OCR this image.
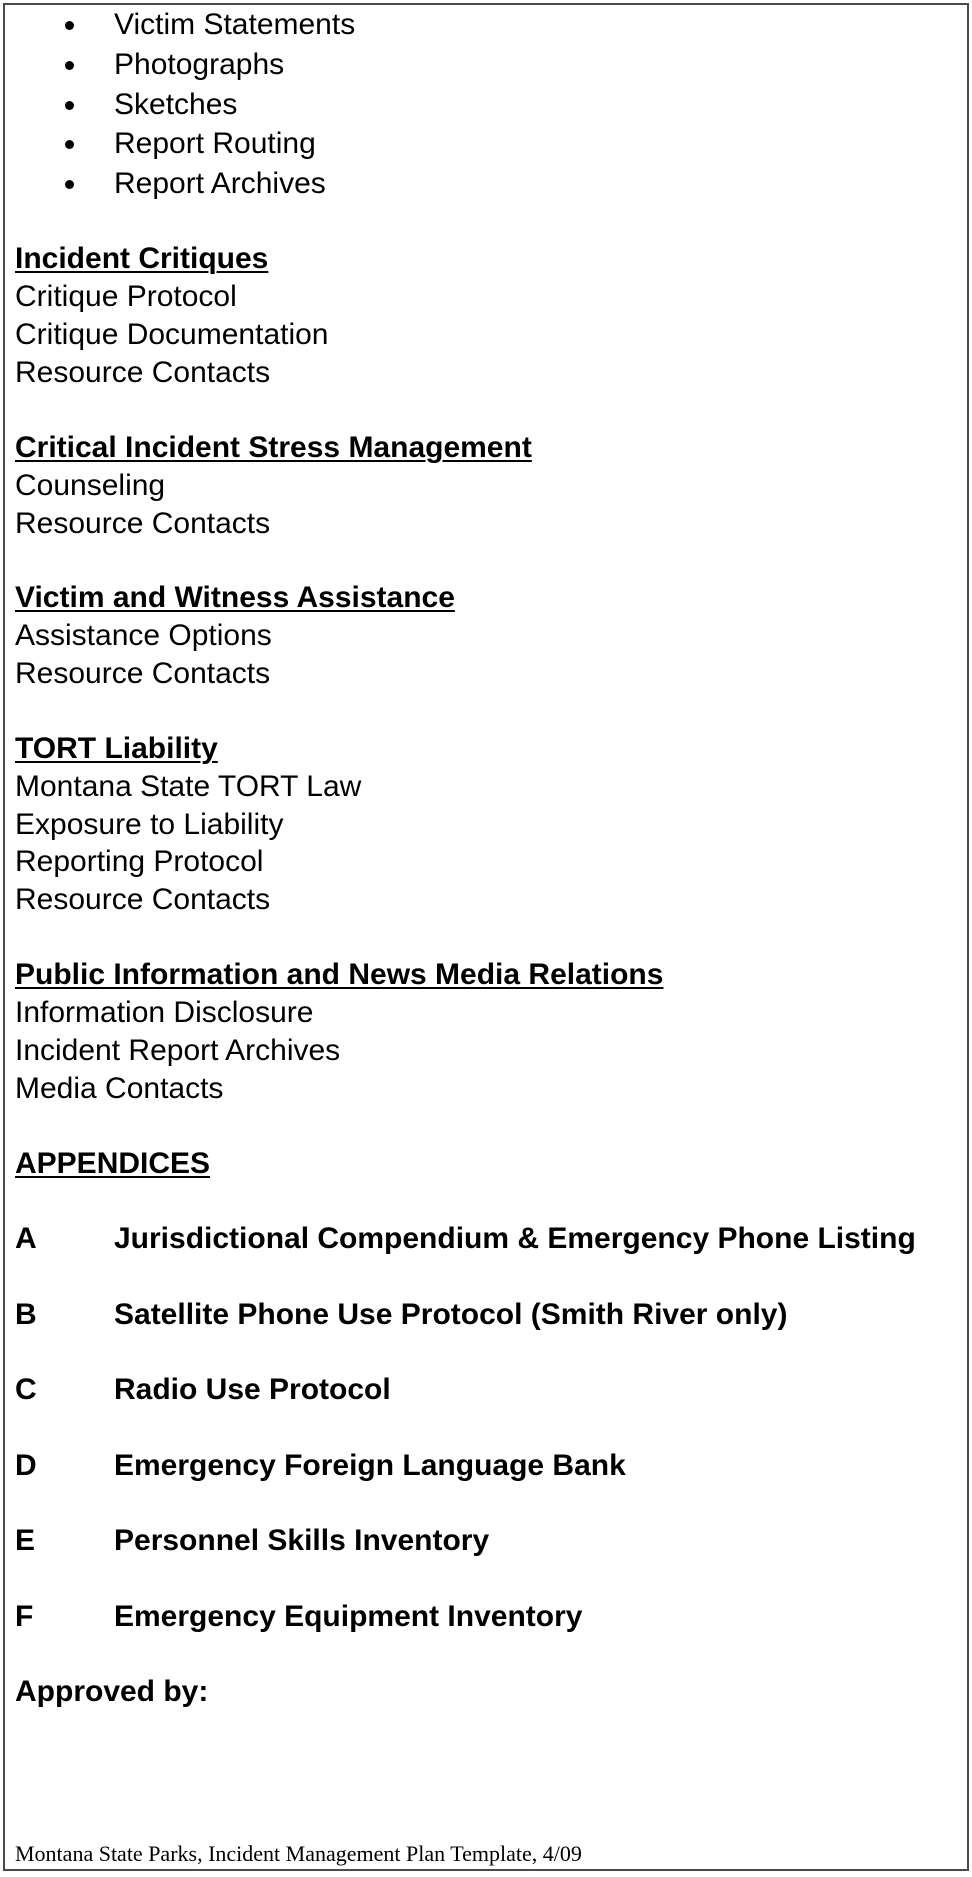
Victim Statements
Photographs
Sketches
Report Routing
Report Archives
Incident Critiques
Critique Protocol
Critique Documentation
Resource Contacts
Critical Incident Stress Management
Counseling
Resource Contacts
Victim and Witness Assistance
Assistance Options
Resource Contacts
TORT Liability
Montana State TORT Law
Exposure to Liability
Reporting Protocol
Resource Contacts
Public Information and News Media Relations
Information Disclosure
Incident Report Archives
Media Contacts
APPENDICES
A	Jurisdictional Compendium & Emergency Phone Listing
B	Satellite Phone Use Protocol (Smith River only)
C	Radio Use Protocol
D	Emergency Foreign Language Bank
E	Personnel Skills Inventory
F	Emergency Equipment Inventory
Approved by:
Montana State Parks, Incident Management Plan Template, 4/09
